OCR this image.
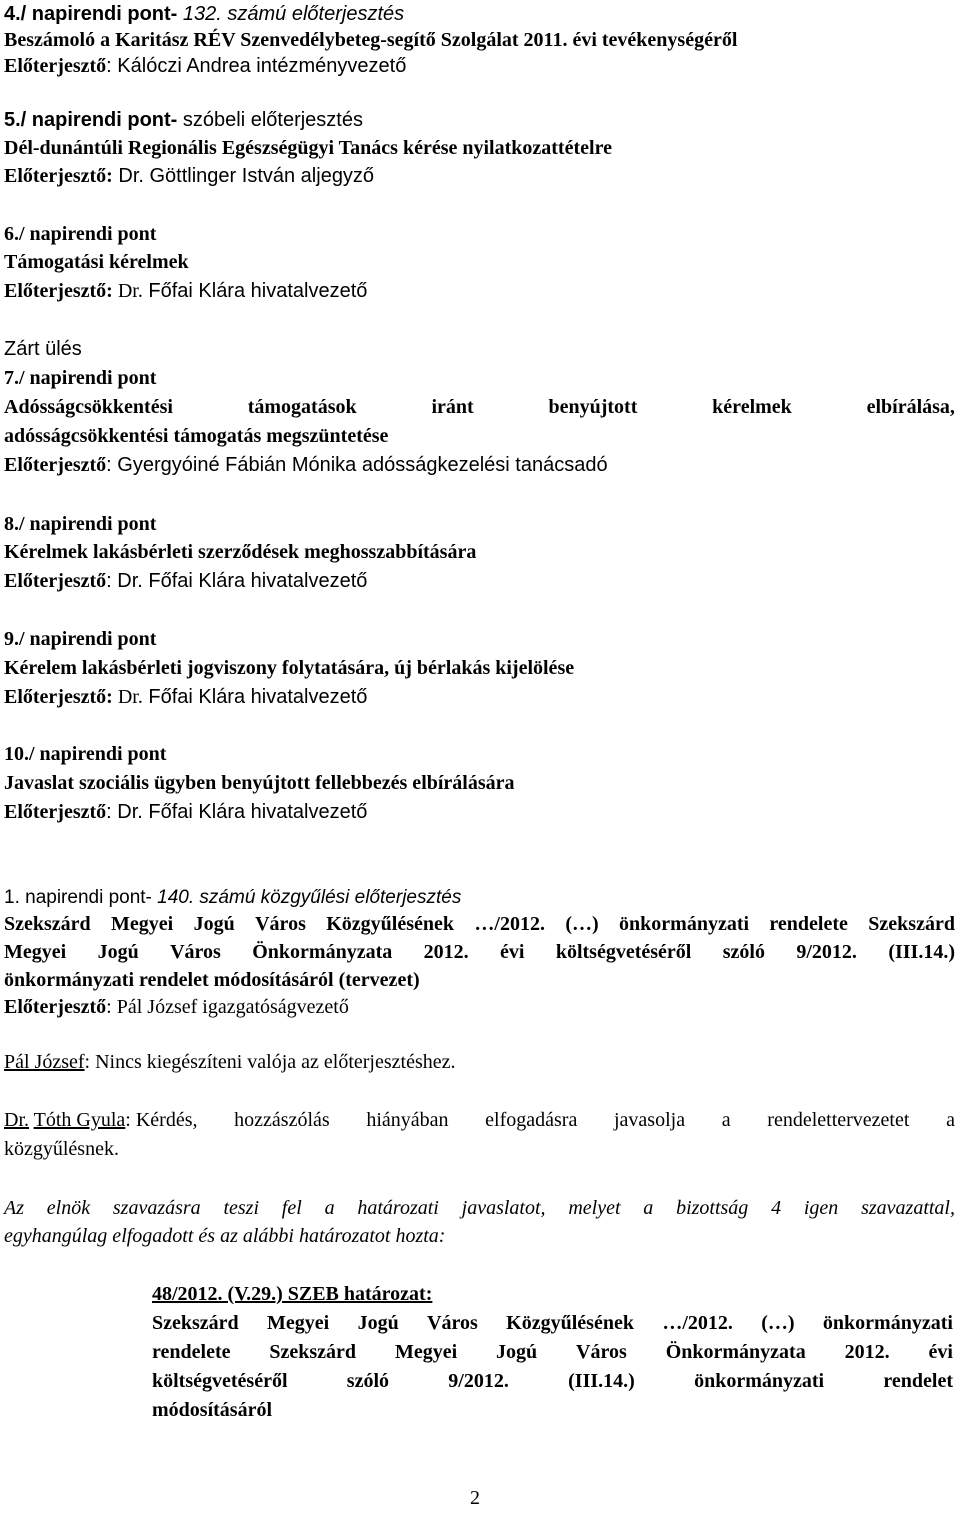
4./ napirendi pont- 132. számú előterjesztés
Beszámoló a Karitász RÉV Szenvedélybeteg-segítő Szolgálat 2011. évi tevékenységéről
Előterjesztő: Kálóczi Andrea intézményvezető
5./ napirendi pont- szóbeli előterjesztés
Dél-dunántúli Regionális Egészségügyi Tanács kérése nyilatkozattételre
Előterjesztő: Dr. Göttlinger István aljegyző
6./ napirendi pont
Támogatási kérelmek
Előterjesztő: Dr. Főfai Klára hivatalvezető
Zárt ülés
7./ napirendi pont
Adósságcsökkentési	támogatások	iránt	benyújtott	kérelmek	elbírálása,
adósságcsökkentési támogatás megszüntetése
Előterjesztő: Gyergyóiné Fábián Mónika adósságkezelési tanácsadó
8./ napirendi pont
Kérelmek lakásbérleti szerződések meghosszabbítására
Előterjesztő: Dr. Főfai Klára hivatalvezető
9./ napirendi pont
Kérelem lakásbérleti jogviszony folytatására, új bérlakás kijelölése
Előterjesztő: Dr. Főfai Klára hivatalvezető
10./ napirendi pont
Javaslat szociális ügyben benyújtott fellebbezés elbírálására
Előterjesztő: Dr. Főfai Klára hivatalvezető
1. napirendi pont- 140. számú közgyűlési előterjesztés
Szekszárd Megyei Jogú Város Közgyűlésének …/2012. (…) önkormányzati rendelete Szekszárd
Megyei Jogú Város Önkormányzata 2012. évi költségvetéséről szóló 9/2012. (III.14.)
önkormányzati rendelet módosításáról (tervezet)
Előterjesztő: Pál József igazgatóságvezető
Pál József: Nincs kiegészíteni valója az előterjesztéshez.
Dr. Tóth Gyula: Kérdés, hozzászólás hiányában elfogadásra javasolja a rendelettervezetet a
közgyűlésnek.
Az elnök szavazásra teszi fel a határozati javaslatot, melyet a bizottság 4 igen szavazattal,
egyhangúlag elfogadott és az alábbi határozatot hozta:
48/2012. (V.29.) SZEB határozat:
Szekszárd Megyei Jogú Város Közgyűlésének …/2012. (…) önkormányzati
rendelete Szekszárd Megyei Jogú Város Önkormányzata 2012. évi
költségvetéséről	szóló	9/2012.	(III.14.)	önkormányzati	rendelet
módosításáról
2
